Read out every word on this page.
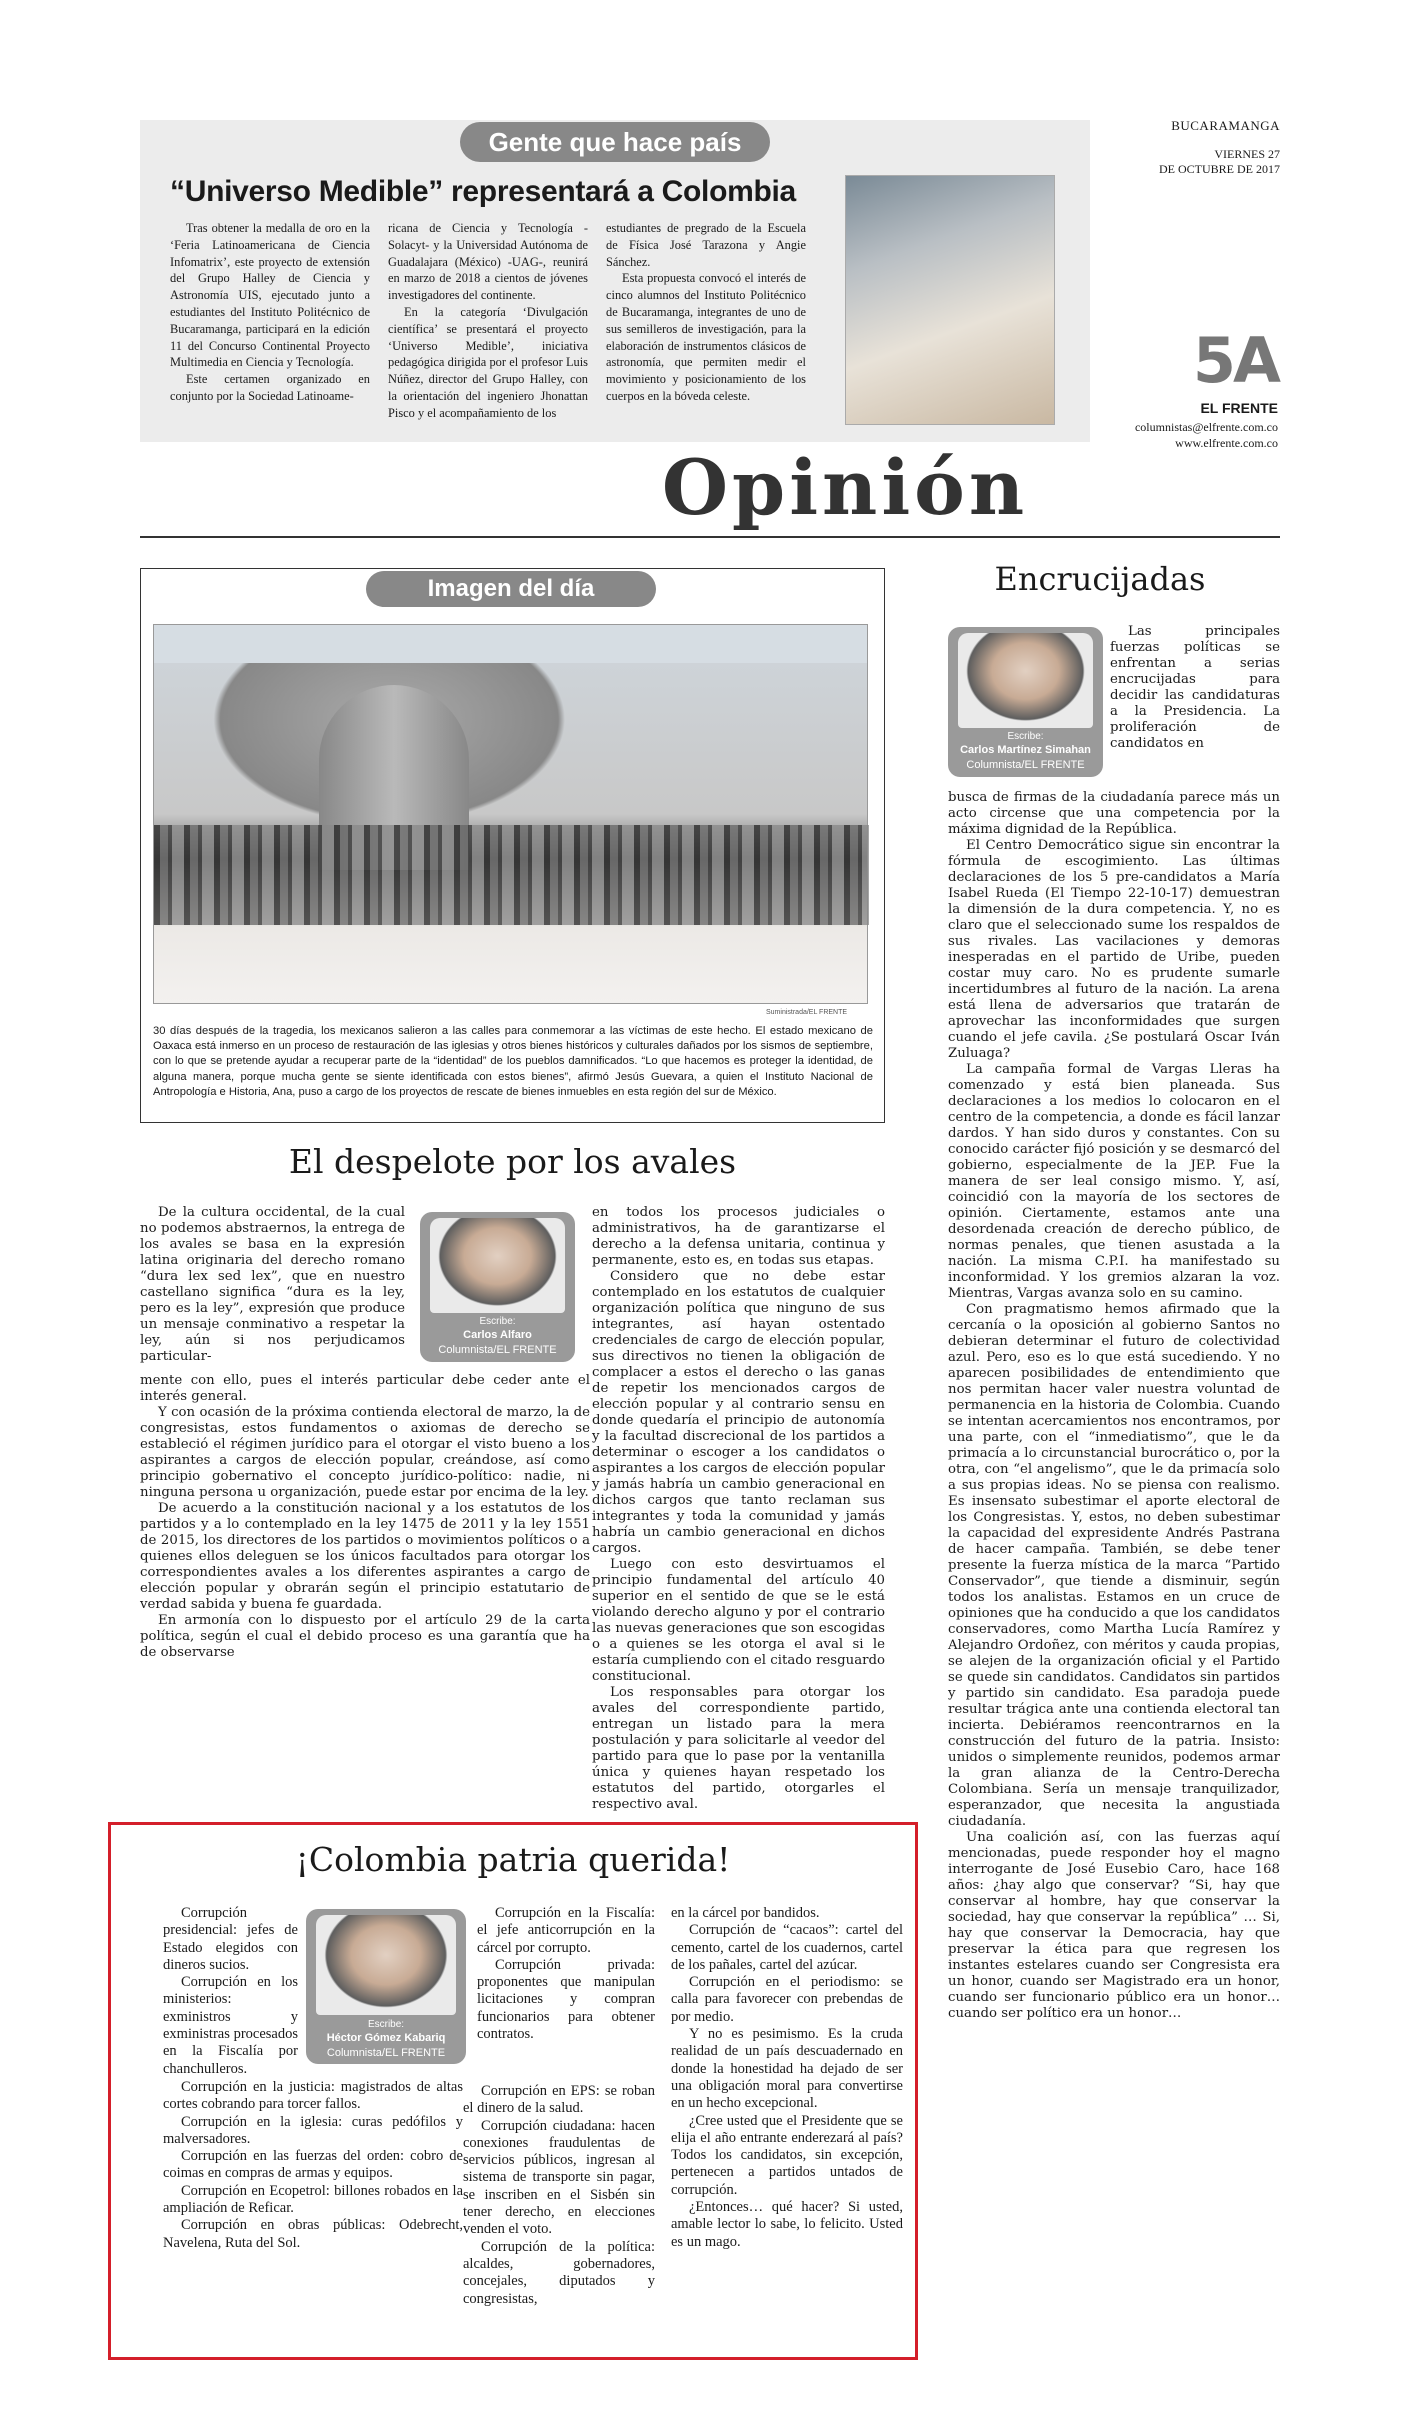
BUCARAMANGA
VIERNES 27
DE OCTUBRE DE 2017
5A
EL FRENTE
columnistas@elfrente.com.co
www.elfrente.com.co
Gente que hace país
“Universo Medible” representará a Colombia

Tras obtener la medalla de oro en la ‘Feria Latinoamericana de Ciencia Infomatrix’, este proyecto de extensión del Grupo Halley de Ciencia y Astronomía UIS, ejecutado junto a estudiantes del Instituto Politécnico de Bucaramanga, participará en la edición 11 del Concurso Continental Proyecto Multimedia en Ciencia y Tecnología.

Este certamen organizado en conjunto por la Sociedad Latinoame-

ricana de Ciencia y Tecnología -Solacyt- y la Universidad Autónoma de Guadalajara (México) -UAG-, reunirá en marzo de 2018 a cientos de jóvenes investigadores del continente.

En la categoría ‘Divulgación científica’ se presentará el proyecto ‘Universo Medible’, iniciativa pedagógica dirigida por el profesor Luis Núñez, director del Grupo Halley, con la orientación del ingeniero Jhonattan Pisco y el acompañamiento de los

estudiantes de pregrado de la Escuela de Física José Tarazona y Angie Sánchez.

Esta propuesta convocó el interés de cinco alumnos del Instituto Politécnico de Bucaramanga, integrantes de uno de sus semilleros de investigación, para la elaboración de instrumentos clásicos de astronomía, que permiten medir el movimiento y posicionamiento de los cuerpos en la bóveda celeste.

Opinión
Imagen del día
Suministrada/EL FRENTE
30 días después de la tragedia, los mexicanos salieron a las calles para conmemorar a las víctimas de este hecho. El estado mexicano de Oaxaca está inmerso en un proceso de restauración de las iglesias y otros bienes históricos y culturales dañados por los sismos de septiembre, con lo que se pretende ayudar a recuperar parte de la “identidad” de los pueblos damnificados. “Lo que hacemos es proteger la identidad, de alguna manera, porque mucha gente se siente identificada con estos bienes”, afirmó Jesús Guevara, a quien el Instituto Nacional de Antropología e Historia, Ana, puso a cargo de los proyectos de rescate de bienes inmuebles en esta región del sur de México.
Encrucijadas
Escribe:
Carlos Martínez Simahan
Columnista/EL FRENTE

Las principales fuerzas políticas se enfrentan a serias encrucijadas para decidir las candidaturas a la Presidencia. La proliferación de candidatos en

busca de firmas de la ciudadanía parece más un acto circense que una competencia por la máxima dignidad de la República.

El Centro Democrático sigue sin encontrar la fórmula de escogimiento. Las últimas declaraciones de los 5 pre-candidatos a María Isabel Rueda (El Tiempo 22-10-17) demuestran la dimensión de la dura competencia. Y, no es claro que el seleccionado sume los respaldos de sus rivales. Las vacilaciones y demoras inesperadas en el partido de Uribe, pueden costar muy caro. No es prudente sumarle incertidumbres al futuro de la nación. La arena está llena de adversarios que tratarán de aprovechar las inconformidades que surgen cuando el jefe cavila. ¿Se postulará Oscar Iván Zuluaga?

La campaña formal de Vargas Lleras ha comenzado y está bien planeada. Sus declaraciones a los medios lo colocaron en el centro de la competencia, a donde es fácil lanzar dardos. Y han sido duros y constantes. Con su conocido carácter fijó posición y se desmarcó del gobierno, especialmente de la JEP. Fue la manera de ser leal consigo mismo. Y, así, coincidió con la mayoría de los sectores de opinión. Ciertamente, estamos ante una desordenada creación de derecho público, de normas penales, que tienen asustada a la nación. La misma C.P.I. ha manifestado su inconformidad. Y los gremios alzaran la voz. Mientras, Vargas avanza solo en su camino.

Con pragmatismo hemos afirmado que la cercanía o la oposición al gobierno Santos no debieran determinar el futuro de colectividad azul. Pero, eso es lo que está sucediendo. Y no aparecen posibilidades de entendimiento que nos permitan hacer valer nuestra voluntad de permanencia en la historia de Colombia. Cuando se intentan acercamientos nos encontramos, por una parte, con el “inmediatismo”, que le da primacía a lo circunstancial burocrático o, por la otra, con “el angelismo”, que le da primacía solo a sus propias ideas. No se piensa con realismo. Es insensato subestimar el aporte electoral de los Congresistas. Y, estos, no deben subestimar la capacidad del expresidente Andrés Pastrana de hacer campaña. También, se debe tener presente la fuerza mística de la marca “Partido Conservador”, que tiende a disminuir, según todos los analistas. Estamos en un cruce de opiniones que ha conducido a que los candidatos conservadores, como Martha Lucía Ramírez y Alejandro Ordoñez, con méritos y cauda propias, se alejen de la organización oficial y el Partido se quede sin candidatos. Candidatos sin partidos y partido sin candidato. Esa paradoja puede resultar trágica ante una contienda electoral tan incierta. Debiéramos reencontrarnos en la construcción del futuro de la patria. Insisto: unidos o simplemente reunidos, podemos armar la gran alianza de la Centro-Derecha Colombiana. Sería un mensaje tranquilizador, esperanzador, que necesita la angustiada ciudadanía.

Una coalición así, con las fuerzas aquí mencionadas, puede responder hoy el magno interrogante de José Eusebio Caro, hace 168 años: ¿hay algo que conservar? “Si, hay que conservar al hombre, hay que conservar la sociedad, hay que conservar la república” … Si, hay que conservar la Democracia, hay que preservar la ética para que regresen los instantes estelares cuando ser Congresista era un honor, cuando ser Magistrado era un honor, cuando ser funcionario público era un honor… cuando ser político era un honor…

El despelote por los avales
Escribe:
Carlos Alfaro
Columnista/EL FRENTE

De la cultura occidental, de la cual no podemos abstraernos, la entrega de los avales se basa en la expresión latina originaria del derecho romano “dura lex sed lex”, que en nuestro castellano significa “dura es la ley, pero es la ley”, expresión que produce un mensaje conminativo a respetar la ley, aún si nos perjudicamos particular-

mente con ello, pues el interés particular debe ceder ante el interés general.

Y con ocasión de la próxima contienda electoral de marzo, la de congresistas, estos fundamentos o axiomas de derecho se estableció el régimen jurídico para el otorgar el visto bueno a los aspirantes a cargos de elección popular, creándose, así como principio gobernativo el concepto jurídico-político: nadie, ni ninguna persona u organización, puede estar por encima de la ley.

De acuerdo a la constitución nacional y a los estatutos de los partidos y a lo contemplado en la ley 1475 de 2011 y la ley 1551 de 2015, los directores de los partidos o movimientos políticos o a quienes ellos deleguen se los únicos facultados para otorgar los correspondientes avales a los diferentes aspirantes a cargo de elección popular y obrarán según el principio estatutario de verdad sabida y buena fe guardada.

En armonía con lo dispuesto por el artículo 29 de la carta política, según el cual el debido proceso es una garantía que ha de observarse

en todos los procesos judiciales o administrativos, ha de garantizarse el derecho a la defensa unitaria, continua y permanente, esto es, en todas sus etapas.

Considero que no debe estar contemplado en los estatutos de cualquier organización política que ninguno de sus integrantes, así hayan ostentado credenciales de cargo de elección popular, sus directivos no tienen la obligación de complacer a estos el derecho o las ganas de repetir los mencionados cargos de elección popular y al contrario sensu en donde quedaría el principio de autonomía y la facultad discrecional de los partidos a determinar o escoger a los candidatos o aspirantes a los cargos de elección popular y jamás habría un cambio generacional en dichos cargos que tanto reclaman sus integrantes y toda la comunidad y jamás habría un cambio generacional en dichos cargos.

Luego con esto desvirtuamos el principio fundamental del artículo 40 superior en el sentido de que se le está violando derecho alguno y por el contrario las nuevas generaciones que son escogidas o a quienes se les otorga el aval si le estaría cumpliendo con el citado resguardo constitucional.

Los responsables para otorgar los avales del correspondiente partido, entregan un listado para la mera postulación y para solicitarle al veedor del partido para que lo pase por la ventanilla única y quienes hayan respetado los estatutos del partido, otorgarles el respectivo aval.

¡Colombia patria querida!
Escribe:
Héctor Gómez Kabariq
Columnista/EL FRENTE

Corrupción presidencial: jefes de Estado elegidos con dineros sucios.

Corrupción en los ministerios: exministros y exministras procesados en la Fiscalía por chanchulleros.

Corrupción en la justicia: magistrados de altas cortes cobrando para torcer fallos.

Corrupción en la iglesia: curas pedófilos y malversadores.

Corrupción en las fuerzas del orden: cobro de coimas en compras de armas y equipos.

Corrupción en Ecopetrol: billones robados en la ampliación de Reficar.

Corrupción en obras públicas: Odebrecht, Navelena, Ruta del Sol.

Corrupción en la Fiscalía: el jefe anticorrupción en la cárcel por corrupto.

Corrupción privada: proponentes que manipulan licitaciones y compran funcionarios para obtener contratos.

Corrupción en EPS: se roban el dinero de la salud.

Corrupción ciudadana: hacen conexiones fraudulentas de servicios públicos, ingresan al sistema de transporte sin pagar, se inscriben en el Sisbén sin tener derecho, en elecciones venden el voto.

Corrupción de la política: alcaldes, gobernadores, concejales, diputados y congresistas,

en la cárcel por bandidos.

Corrupción de “cacaos”: cartel del cemento, cartel de los cuadernos, cartel de los pañales, cartel del azúcar.

Corrupción en el periodismo: se calla para favorecer con prebendas de por medio.

Y no es pesimismo. Es la cruda realidad de un país descuadernado en donde la honestidad ha dejado de ser una obligación moral para convertirse en un hecho excepcional.

¿Cree usted que el Presidente que se elija el año entrante enderezará al país? Todos los candidatos, sin excepción, pertenecen a partidos untados de corrupción.

¿Entonces… qué hacer? Si usted, amable lector lo sabe, lo felicito. Usted es un mago.
